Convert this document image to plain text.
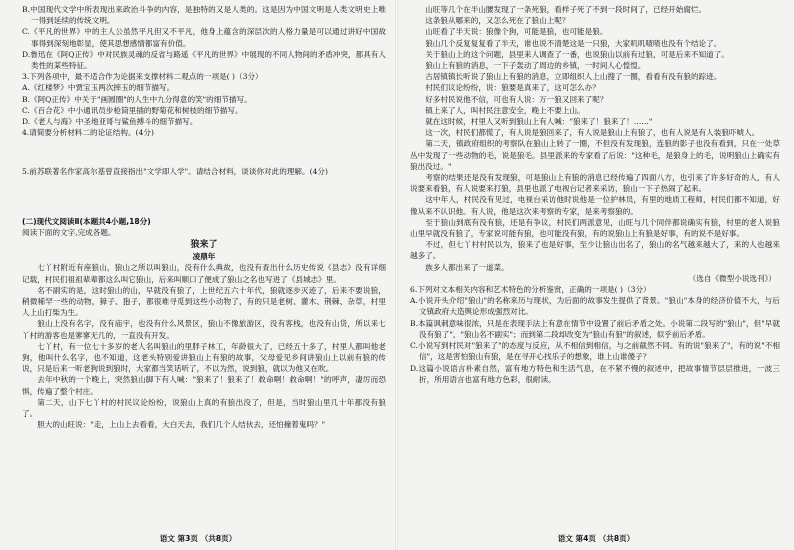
B.中国现代文学中所表现出来政治斗争的内容，是独特的又是人类的。这是因为中国文明是人类文明史上唯一得到延续的传统文明。

C.《平凡的世界》中的主人公虽然平凡但又不平凡，他身上蕴含的深层次的人格力量是可以通过讲好中国故事得到深刻地彰显，使其思想感情都富有价值。

D.鲁迅在《阿Q正传》中对民族灵魂的反省与路遥《平凡的世界》中展现的不同人物间的矛盾冲突，都具有人类性的某些特征。

3.下列各项中，最不适合作为论据来支撑材料二观点的一项是( )（3分）

A.《红楼梦》中贾宝玉两次摔玉的细节描写。

B.《阿Q正传》中关于"画圆圈"的人生中九分得意的笑"的细节描写。

C.《百合花》中小通讯员步枪筒里插的野菊花和树枝的细节描写。

D.《老人与海》中圣地亚哥与鲨鱼搏斗的细节描写。

4.请简要分析材料二的论证结构。(4分)

5.前苏联著名作家高尔基曾直接指出"文学即人学"。请结合材料，谈谈你对此的理解。(4分)

(二)现代文阅读Ⅱ(本题共4小题,18分)

阅读下面的文字,完成各题。

狼来了

凌鼎年

七丫村附近有座狼山，狼山之所以叫狼山，没有什么典故，也没有查出什么历史传说《县志》没有详细记载，村民们祖祖辈辈都这么叫它狼山，后来叫顺口了便成了狼山之名也写进了《县城志》里。

名不副实的是，这时狼山的山，早就没有狼了，上世纪五六十年代，狼就逐步灭迹了，后来不要说狼，稍微稀罕一些的动物，獐子、狍子，都很难寻觅到这些小动物了，有的只是老树、灌木、荆棘、杂草，村里人上山打柴为生。

狼山上没有名字，没有庙宇，也没有什么风景区，狼山不像旅游区，没有客栈，也没有山货，所以来七丫村的游客也是寥寥无几的，一直没有开发。

七丫村，有一位七十多岁的老人名叫狼山的里胖子林工，年龄很大了，已经五十多了，村里人都叫他老狗，他叫什么名字，也不知道，这老头特别爱讲狼山上有狼的故事，父母爱见乡间讲狼山上以前有狼的传说，只是后来一听老狗说到狼时，大家都当笑话听了，不以为然，说到狼，就以为他又在吹。

去年中秋的一个晚上，突然狼山脚下有人喊："狼来了！狼来了！救命啊！救命啊！"的呼声，凄厉而恐惧，传遍了整个村庄。

第二天，山下七丫村的村民议论纷纷，说狼山上真的有狼出没了，但是，当时狼山里几十年都没有狼了。

胆大的山旺说："走，上山上去看看，大白天去，我们几个人结伙去，还怕撞着鬼吗？"

语文 第3页 （共8页）

山旺等几个在半山腰发现了一条死狼，看样子死了不到一段时间了，已经开始腐烂。

这条狼从哪来的，又怎么死在了狼山上呢？

山旺看了半天说：狼像个狗，可能是狼，也可能是狼。

狼山几个反复复复看了半天，谁也说不清楚这是一只狼，大家叽叽喳喳也没有个结论了。

关于狼山上的这个问题，县里来人调查了一番，也说狼山以前有过狼，可是后来不知道了。

狼山上有狼的消息，一下子轰动了周边的乡镇，一时间人心惶惶。

古居镇镇长听说了狼山上有狼的消息，立即组织人上山搜了一圈，看看有没有狼的踪迹。

村民们议论纷纷，说：狼要是真来了，这可怎么办？

好多村民说他不信，可也有人说：万一狼又回来了呢？

镇上来了人，叫村民注意安全，晚上不要上山。

就在这时候，村里人又听到狼山上有人喊："狼来了！狼来了！……"

这一次，村民们都慌了，有人说是狼回来了，有人说是狼山上有狼了，也有人说是有人装狼吓唬人。

第二天，镇政府组织的考察队在狼山上转了一圈，不但没有发现狼，连狼的影子也没有看到，只在一处草丛中发现了一些动物的毛，说是狼毛。县里派来的专家看了后说："这种毛，是狼身上的毛，说明狼山上确实有狼出没过。"

考察的结果还是没有发现狼，可是狼山上有狼的消息已经传遍了四面八方，也引来了许多好奇的人，有人说要来看狼，有人说要来打狼，县里也派了电视台记者来采访，狼山一下子热闹了起来。

这中年人，村民没有见过，电视台采访他时说他是一位护林员，有里的地质工程师，村民们都不知道，好像从来不认识他。有人说，他是这次来考察的专家，是来考察狼的。

至于狼山到底有没有狼，还是有争议，村民们两派意见，山旺与几个同伴都说确实有狼，村里的老人说狼山里早就没有狼了，专家说可能有狼，也可能没有狼，有的说狼山上有狼是好事，有的说不是好事。

不过，但七丫村村民以为，狼来了也是好事，至少让狼山出名了，狼山的名气越来越大了，来的人也越来越多了。

族多人都出来了一道菜。

（选自《微型小说选刊》）

6.下列对文本相关内容和艺术特色的分析鉴赏，正确的一项是( )（3分）

A.小说开头介绍"狼山"的名称来历与现状，为后面的故事发生提供了背景。"狼山"本身的经济价值不大，与后文镇政府大造舆论形成强烈对比。

B.本篇讽刺意味很浓，只是在表现手法上有意在情节中设置了前后矛盾之处。小说第二段写的"狼山"，但"早就没有狼了"，"狼山名不副实"；而到第二段却改变为"狼山有狼"的叙述，似乎前后矛盾。

C.小说写到村民对"狼来了"的态度与反应，从不相信到相信，与之前截然不同。有的说"狼来了"，有的说"不相信"，这是害怕狼山有狼，是在寻开心找乐子的想象，谁上山谁傻子？

D.这篇小说语言朴素自然，富有地方特色和生活气息，在不紧不慢的叙述中，把故事情节层层推进，一波三折，所用语言也富有地方色彩，很耐读。

语文 第4页 （共8页）
